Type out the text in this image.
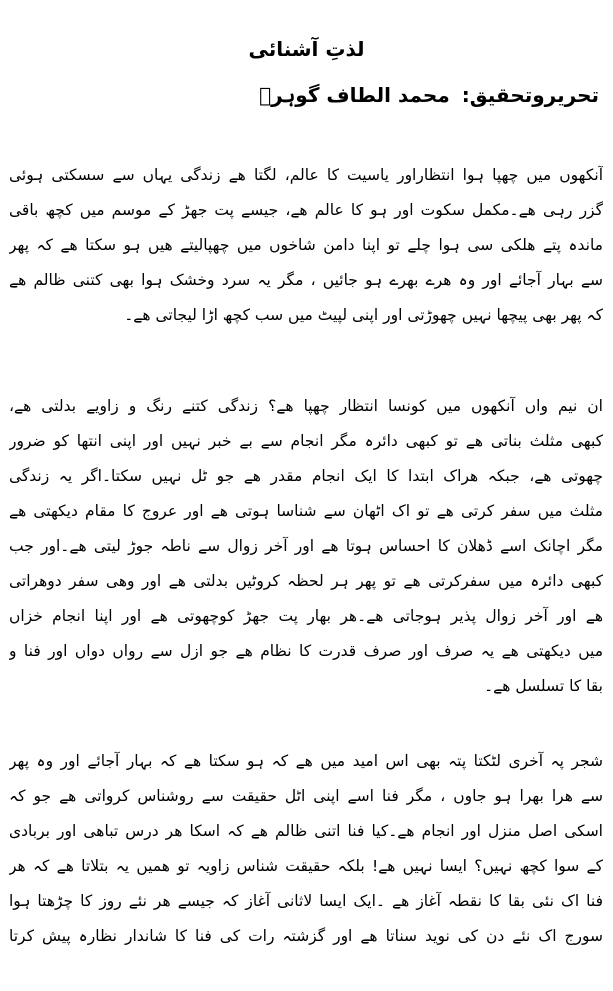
لذتِ آشنائی
تحریروتحقیق:محمد الطاف گوہرؔ
آنکھوں میں چھپا ہوا انتظاراور یاسیت کا عالم، لگتا ھے زندگی یہاں سے سسکتی ہوئی
گزر رہی ھے۔مکمل سکوت اور ہو کا عالم ھے، جیسے پت جھڑ کے موسم میں کچھ باقی
ماندہ پتے ھلکی سی ہوا چلے تو اپنا دامن شاخوں میں چھپالیتے ھیں ہو سکتا ھے کہ پھر
سے بہار آجائے اور وہ ھرے بھرے ہو جائیں ، مگر یہ سرد وخشک ہوا بھی کتنی ظالم ھے
کہ پھر بھی پیچھا نہیں چھوڑتی اور اپنی لپیٹ میں سب کچھ اڑا لیجاتی ھے۔
ان نیم واں آنکھوں میں کونسا انتظار چھپا ھے؟ زندگی کتنے رنگ و زاویے بدلتی ھے،
کبھی مثلث بناتی ھے تو کبھی دائرہ مگر انجام سے بے خبر نہیں اور اپنی انتھا کو ضرور
چھوتی ھے، جبکہ ھراک ابتدا کا ایک انجام مقدر ھے جو ٹل نہیں سکتا۔اگر یہ زندگی
مثلث میں سفر کرتی ھے تو اک اٹھان سے شناسا ہوتی ھے اور عروج کا مقام دیکھتی ھے
مگر اچانک اسے ڈھلان کا احساس ہوتا ھے اور آخر زوال سے ناطہ جوڑ لیتی ھے۔اور جب
کبھی دائرہ میں سفرکرتی ھے تو پھر ہر لحظہ کروٹیں بدلتی ھے اور وھی سفر دوھراتی
ھے اور آخر زوال پذیر ہوجاتی ھے۔ھر بھار پت جھڑ کوچھوتی ھے اور اپنا انجام خزاں
میں دیکھتی ھے یہ صرف اور صرف قدرت کا نظام ھے جو ازل سے رواں دواں اور فنا و
بقا کا تسلسل ھے۔
شجر پہ آخری لٹکتا پتہ بھی اس امید میں ھے کہ ہو سکتا ھے کہ بہار آجائے اور وہ پھر
سے ھرا بھرا ہو جاوں ، مگر فنا اسے اپنی اٹل حقیقت سے روشناس کرواتی ھے جو کہ
اسکی اصل منزل اور انجام ھے۔کیا فنا اتنی ظالم ھے کہ اسکا ھر درس تباھی اور بربادی
کے سوا کچھ نہیں؟ ایسا نہیں ھے! بلکہ حقیقت شناس زاویہ تو ھمیں یہ بتلاتا ھے کہ ھر
فنا اک نئی بقا کا نقطہ آغاز ھے ۔ایک ایسا لاثانی آغاز کہ جیسے ھر نئے روز کا چڑھتا ہوا
سورج اک نئے دن کی نوید سناتا ھے اور گزشتہ رات کی فنا کا شاندار نظارہ پیش کرتا
